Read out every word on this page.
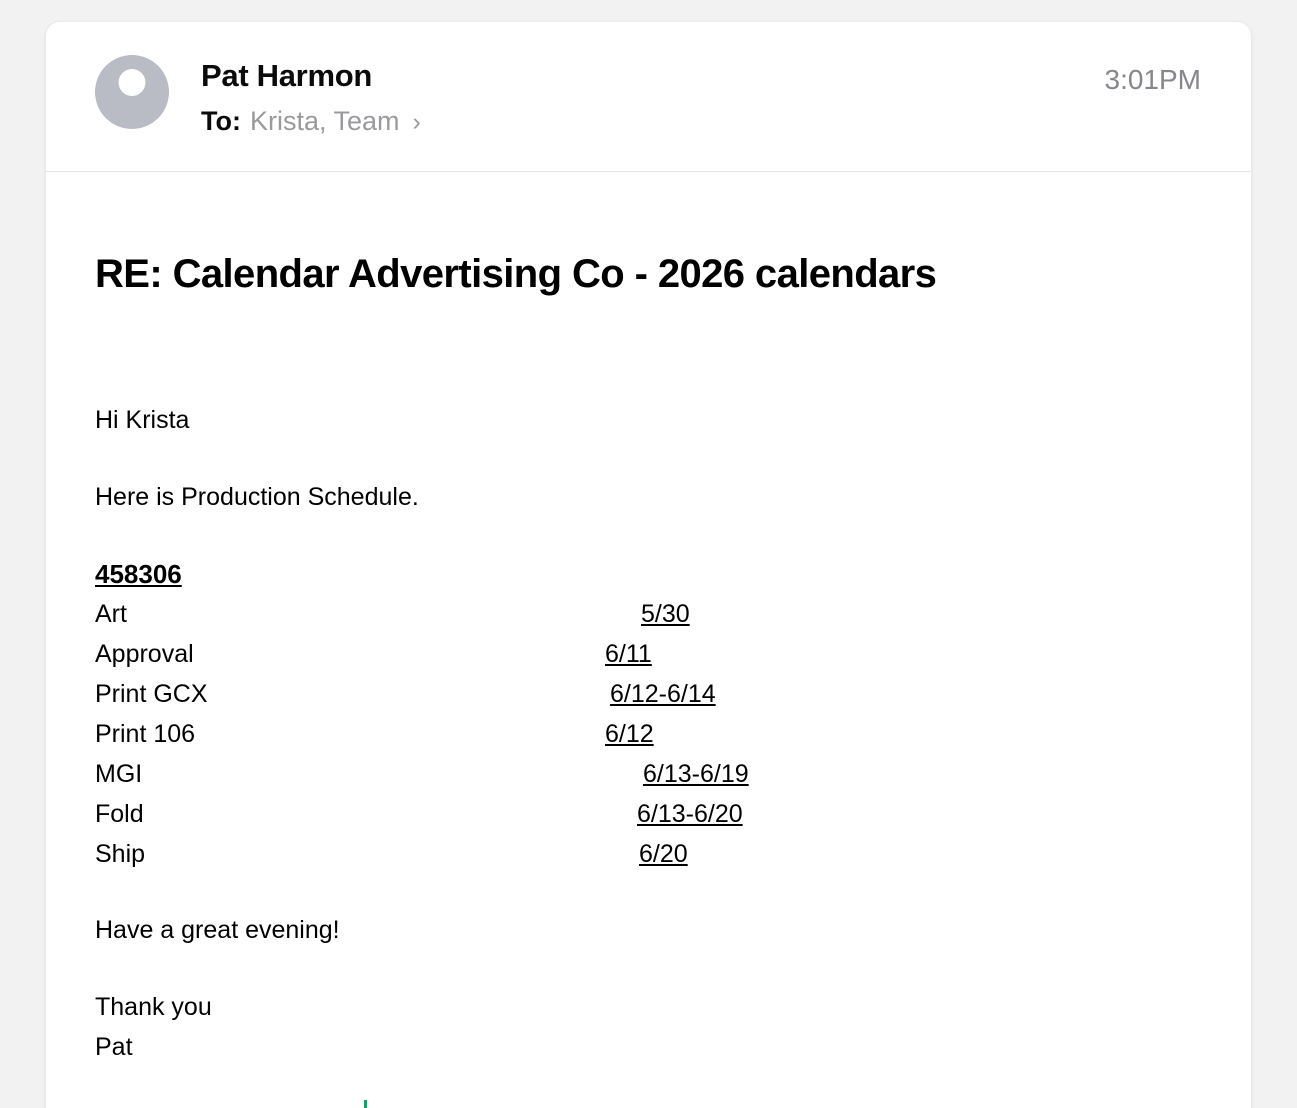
Pat Harmon
To: Krista, Team ›
3:01PM
RE: Calendar Advertising Co - 2026 calendars

Hi Krista

Here is Production Schedule.

458306

Art	5/30
Approval	6/11
Print GCX	6/12-6/14
Print 106	6/12
MGI	6/13-6/19
Fold	6/13-6/20
Ship	6/20

Have a great evening!

Thank you

Pat
